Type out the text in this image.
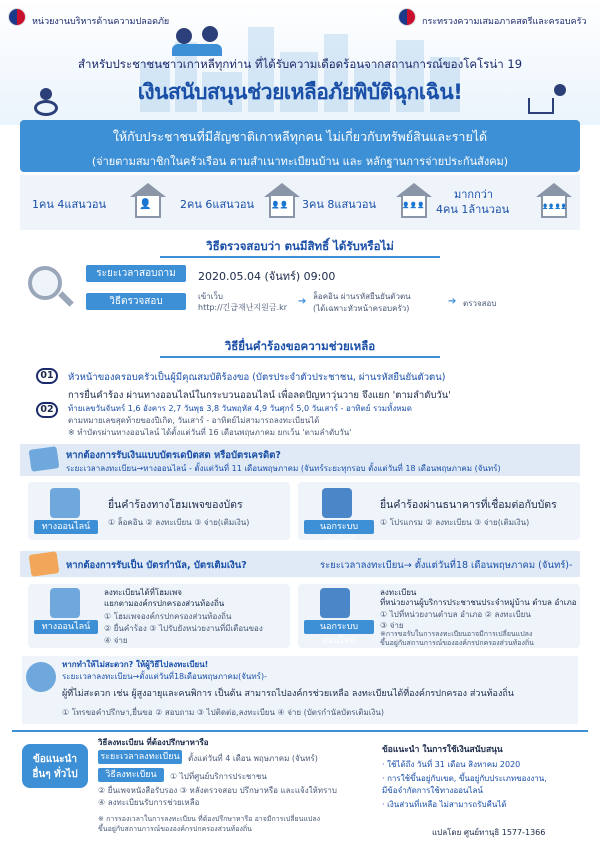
หน่วยงานบริหารด้านความปลอดภัย	กระทรวงความเสมอภาคสตรีและครอบครัว
สำหรับประชาชนชาวเกาหลีทุกท่าน ที่ได้รับความเดือดร้อนจากสถานการณ์ของโคโรน่า 19
เงินสนับสนุนช่วยเหลือภัยพิบัติฉุกเฉิน!
ให้กับประชาชนที่มีสัญชาติเกาหลีทุกคน ไม่เกี่ยวกับทรัพย์สินและรายได้
(จ่ายตามสมาชิกในครัวเรือน ตามสำเนาทะเบียนบ้าน และ หลักฐานการจ่ายประกันสังคม)
1คน 4แสนวอน	👤	2คน 6แสนวอน 👤👤 3คน 8แสนวอน	👤👤👤
มากกว่า
4คน 1ล้านวอน	👤👤👤👤
วิธีตรวจสอบว่า ตนมีสิทธิ์ ได้รับหรือไม่
ระยะเวลาสอบถาม	2020.05.04 (จันทร์) 09:00
วิธีตรวจสอบ	เข้าเว็บ
http://긴급재난지원금.kr
➔ ล็อคอิน ผ่านรหัสยืนยันตัวตน
(ได้เฉพาะหัวหน้าครอบครัว)
➔ ตรวจสอบ
วิธียื่นคำร้องขอความช่วยเหลือ
01	หัวหน้าของครอบครัวเป็นผู้มีคุณสมบัติร้องขอ (บัตรประจำตัวประชาชน, ผ่านรหัสยืนยันตัวตน)
02
การยื่นคำร้อง ผ่านทางออนไลน์ในกระบวนออนไลน์ เพื่อลดปัญหาวุ่นวาย จึงแยก 'ตามลำดับวัน'
ท้ายเลขวันจันทร์ 1,6 อังคาร 2,7 วันพุธ 3,8 วันพฤหัส 4,9 วันศุกร์ 5,0 วันเสาร์ - อาทิตย์ รวมทั้งหมด
ตามหมายเลขสุดท้ายของปีเกิด, วันเสาร์ - อาทิตย์ไม่สามารถลงทะเบียนได้
※ ทำบัตรผ่านทางออนไลน์ ได้ตั้งแต่วันที่ 16 เดือนพฤษภาคม ยกเว้น 'ตามลำดับวัน'
หากต้องการรับเงินแบบบัตรเดบิตสด หรือบัตรเครดิต?
ระยะเวลาลงทะเบียน→ทางออนไลน์ - ตั้งแต่วันที่ 11 เดือนพฤษภาคม (จันทร์ระยะทุกรอบ ตั้งแต่วันที่ 18 เดือนพฤษภาคม (จันทร์)
ทางออนไลน์
ยื่นคำร้องทางโฮมเพจของบัตร
① ล็อคอิน ② ลงทะเบียน ③ จ่าย(เติมเงิน)	นอกระบบออนไลน์
ยื่นคำร้องผ่านธนาคารที่เชื่อมต่อกับบัตร
① โปรแกรม ② ลงทะเบียน ③ จ่าย(เติมเงิน)
หากต้องการรับเป็น บัตรกำนัล, บัตรเติมเงิน?	ระยะเวลาลงทะเบียน→ ตั้งแต่วันที่18 เดือนพฤษภาคม (จันทร์)-
ทางออนไลน์
ลงทะเบียนได้ที่โฮมเพจ
แยกตามองค์กรปกครองส่วนท้องถิ่น
① โฮมเพจองค์กรปกครองส่วนท้องถิ่น
② ยื่นคำร้อง ③ ไปรับยังหน่วยงานที่มีเตือนของ
④ จ่าย
นอกระบบออนไลน์
ลงทะเบียน
ที่หน่วยงานผู้บริการประชาชนประจำหมู่บ้าน ตำบล อำเภอ
① ไปที่หน่วยงานตำบล อำเภอ ② ลงทะเบียน
③ จ่าย
※การขอรับในการลงทะเบียนอาจมีการเปลี่ยนแปลง
ขึ้นอยู่กับสถานการณ์ขององค์กรปกครองส่วนท้องถิ่น
หากทำให้ไม่สะดวก? ให้ผู้วิธีไปลงทะเบียน!
ระยะเวลาลงทะเบียน→ตั้งแต่วันที่18เดือนพฤษภาคม(จันทร์)-
ผู้ที่ไม่สะดวก เช่น ผู้สูงอายุและคนพิการ เป็นต้น สามารถไปองค์กรช่วยเหลือ ลงทะเบียนได้ที่องค์กรปกครอง ส่วนท้องถิ่น
① โทรขอคำปรึกษา,ยื่นขอ ② สอบถาม ③ ไปติดต่อ,ลงทะเบียน ④ จ่าย (บัตรกำนัลบัตรเติมเงิน)
ข้อแนะนำ
อื่นๆ ทั่วไป
วิธีลงทะเบียน ที่ต้องปรึกษาหารือ
ระยะเวลาลงทะเบียน ตั้งแต่วันที่ 4 เดือน พฤษภาคม (จันทร์)
วิธีลงทะเบียน	① ไปที่ศูนย์บริการประชาชน
② ยื่นเพจหนังสือรับรอง ③ หลังตรวจสอบ ปรึกษาหรือ และแจ้งให้ทราบ
④ ลงทะเบียนรับการช่วยเหลือ
※ การรองเวลาในการลงทะเบียน ที่ต้องปรึกษาหารือ อาจมีการเปลี่ยนแปลง
ขึ้นอยู่กับสถานการณ์ขององค์กรปกครองส่วนท้องถิ่น
ข้อแนะนำ ในการใช้เงินสนับสนุน
· ใช้ได้ถึง วันที่ 31 เดือน สิงหาคม 2020
· การใช้ขึ้นอยู่กับเขต, ขึ้นอยู่กับประเภทของงาน,
มีข้อจำกัดการใช้ทางออนไลน์
· เงินส่วนที่เหลือ ไม่สามารถรับคืนได้
แปลโดย ศูนย์ทานุธิ 1577-1366
